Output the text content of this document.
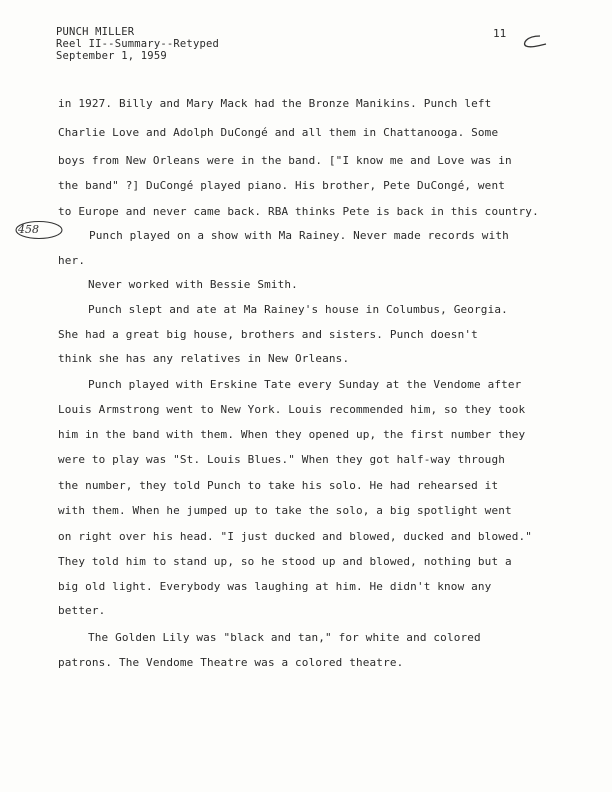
PUNCH MILLER
Reel II--Summary--Retyped
September 1, 1959
11
458
in 1927. Billy and Mary Mack had the Bronze Manikins. Punch left
Charlie Love and Adolph DuCongé and all them in Chattanooga. Some
boys from New Orleans were in the band. ["I know me and Love was in
the band" ?] DuCongé played piano. His brother, Pete DuCongé, went
to Europe and never came back. RBA thinks Pete is back in this country.
Punch played on a show with Ma Rainey. Never made records with
her.
Never worked with Bessie Smith.
Punch slept and ate at Ma Rainey's house in Columbus, Georgia.
She had a great big house, brothers and sisters. Punch doesn't
think she has any relatives in New Orleans.
Punch played with Erskine Tate every Sunday at the Vendome after
Louis Armstrong went to New York. Louis recommended him, so they took
him in the band with them. When they opened up, the first number they
were to play was "St. Louis Blues." When they got half-way through
the number, they told Punch to take his solo. He had rehearsed it
with them. When he jumped up to take the solo, a big spotlight went
on right over his head. "I just ducked and blowed, ducked and blowed."
They told him to stand up, so he stood up and blowed, nothing but a
big old light. Everybody was laughing at him. He didn't know any
better.
The Golden Lily was "black and tan," for white and colored
patrons. The Vendome Theatre was a colored theatre.
